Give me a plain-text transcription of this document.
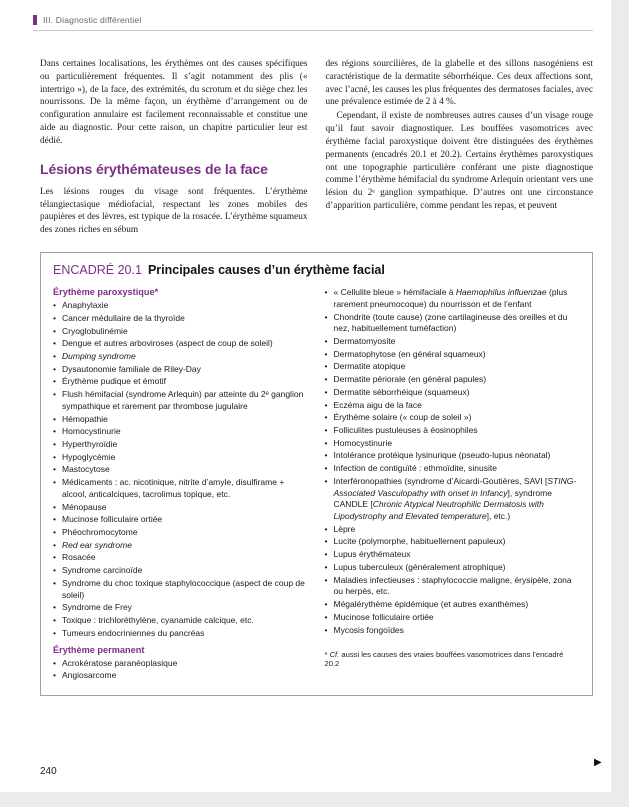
III. Diagnostic différentiel

Dans certaines localisations, les érythèmes ont des causes spécifiques ou particulièrement fréquentes. Il s’agit notamment des plis (« intertrigo »), de la face, des extrémités, du scrotum et du siège chez les nourrissons. De la même façon, un érythème d’arrangement ou de configuration annulaire est facilement reconnaissable et constitue une aide au diagnostic. Pour cette raison, un chapitre particulier leur est dédié.

Lésions érythémateuses de la face

Les lésions rouges du visage sont fréquentes. L’érythème télangiectasique médiofacial, respectant les zones mobiles des paupières et des lèvres, est typique de la rosacée. L’érythème squameux des zones riches en sébum

des régions sourcilières, de la glabelle et des sillons nasogéniens est caractéristique de la dermatite séborrhéique. Ces deux affections sont, avec l’acné, les causes les plus fréquentes des dermatoses faciales, avec une prévalence estimée de 2 à 4 %.

Cependant, il existe de nombreuses autres causes d’un visage rouge qu’il faut savoir diagnostiquer. Les bouffées vasomotrices avec érythème facial paroxystique doivent être distinguées des érythèmes permanents (encadrés 20.1 et 20.2). Certains érythèmes paroxystiques ont une topographie particulière conférant une piste diagnostique comme l’érythème hémifacial du syndrome Arlequin orientant vers une lésion du 2ᵉ ganglion sympathique. D’autres ont une circonstance d’apparition particulière, comme pendant les repas, et peuvent

ENCADRÉ 20.1 Principales causes d’un érythème facial
Érythème paroxystique*
• Anaphylaxie
• Cancer médullaire de la thyroïde
• Cryoglobulinémie
• Dengue et autres arboviroses (aspect de coup de soleil)
• Dumping syndrome
• Dysautonomie familiale de Riley-Day
• Érythème pudique et émotif
• Flush hémifacial (syndrome Arlequin) par atteinte du 2ᵉ ganglion sympathique et rarement par thrombose jugulaire
• Hémopathie
• Homocystinurie
• Hyperthyroïdie
• Hypoglycémie
• Mastocytose
• Médicaments : ac. nicotinique, nitrite d’amyle, disulfirame + alcool, anticalciques, tacrolimus topique, etc.
• Ménopause
• Mucinose folliculaire ortiée
• Phéochromocytome
• Red ear syndrome
• Rosacée
• Syndrome carcinoïde
• Syndrome du choc toxique staphylococcique (aspect de coup de soleil)
• Syndrome de Frey
• Toxique : trichloréthylène, cyanamide calcique, etc.
• Tumeurs endocriniennes du pancréas
Érythème permanent
• Acrokératose paranéoplasique
• Angiosarcome
• « Cellulite bleue » hémifaciale à Haemophilus influenzae (plus rarement pneumocoque) du nourrisson et de l’enfant
• Chondrite (toute cause) (zone cartilagineuse des oreilles et du nez, habituellement tuméfaction)
• Dermatomyosite
• Dermatophytose (en général squameux)
• Dermatite atopique
• Dermatite périorale (en général papules)
• Dermatite séborrhéique (squameux)
• Eczéma aigu de la face
• Érythème solaire (« coup de soleil »)
• Folliculites pustuleuses à éosinophiles
• Homocystinurie
• Intolérance protéique lysinurique (pseudo-lupus néonatal)
• Infection de contiguïté : ethmoïdite, sinusite
• Interféronopathies (syndrome d’Aicardi-Goutières, SAVI [STING-Associated Vasculopathy with onset in Infancy], syndrome CANDLE [Chronic Atypical Neutrophilic Dermatosis with Lipodystrophy and Elevated temperature], etc.)
• Lèpre
• Lucite (polymorphe, habituellement papuleux)
• Lupus érythémateux
• Lupus tuberculeux (généralement atrophique)
• Maladies infectieuses : staphylococcie maligne, érysipèle, zona ou herpès, etc.
• Mégalérythème épidémique (et autres exanthèmes)
• Mucinose folliculaire ortiée
• Mycosis fongoïdes

* Cf. aussi les causes des vraies bouffées vasomotrices dans l’encadré 20.2

240
▶
